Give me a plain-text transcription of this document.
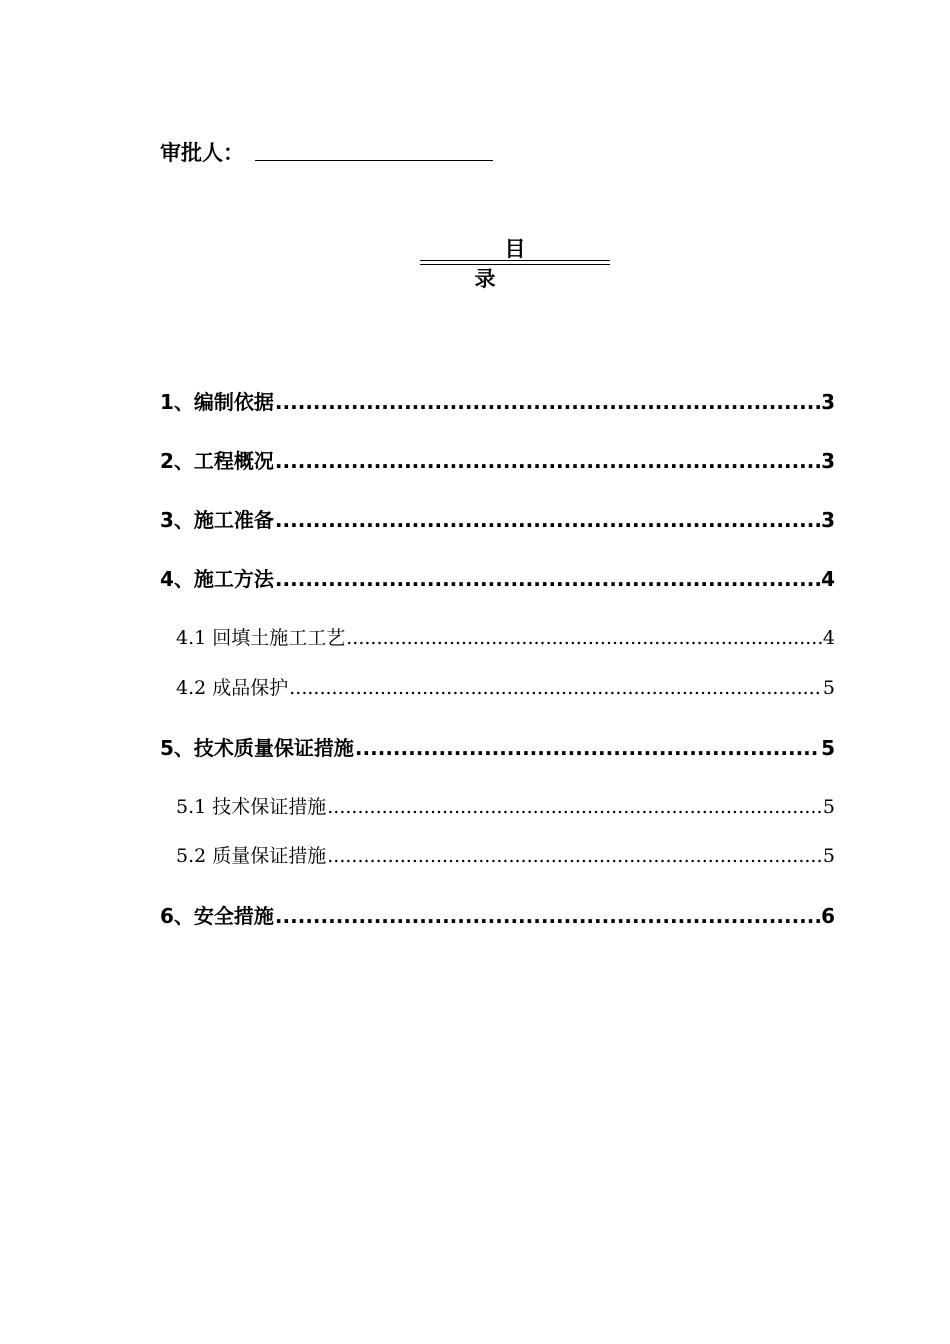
审批人：
目录
1、编制依据 .....	3
2、工程概况 .....	3
3、施工准备 .....	3
4、施工方法 .....	4
4.1 回填土施工工艺 .....	4
4.2 成品保护 .....	5
5、技术质量保证措施 .....	5
5.1 技术保证措施 .....	5
5.2 质量保证措施 .....	5
6、安全措施 .....	6
